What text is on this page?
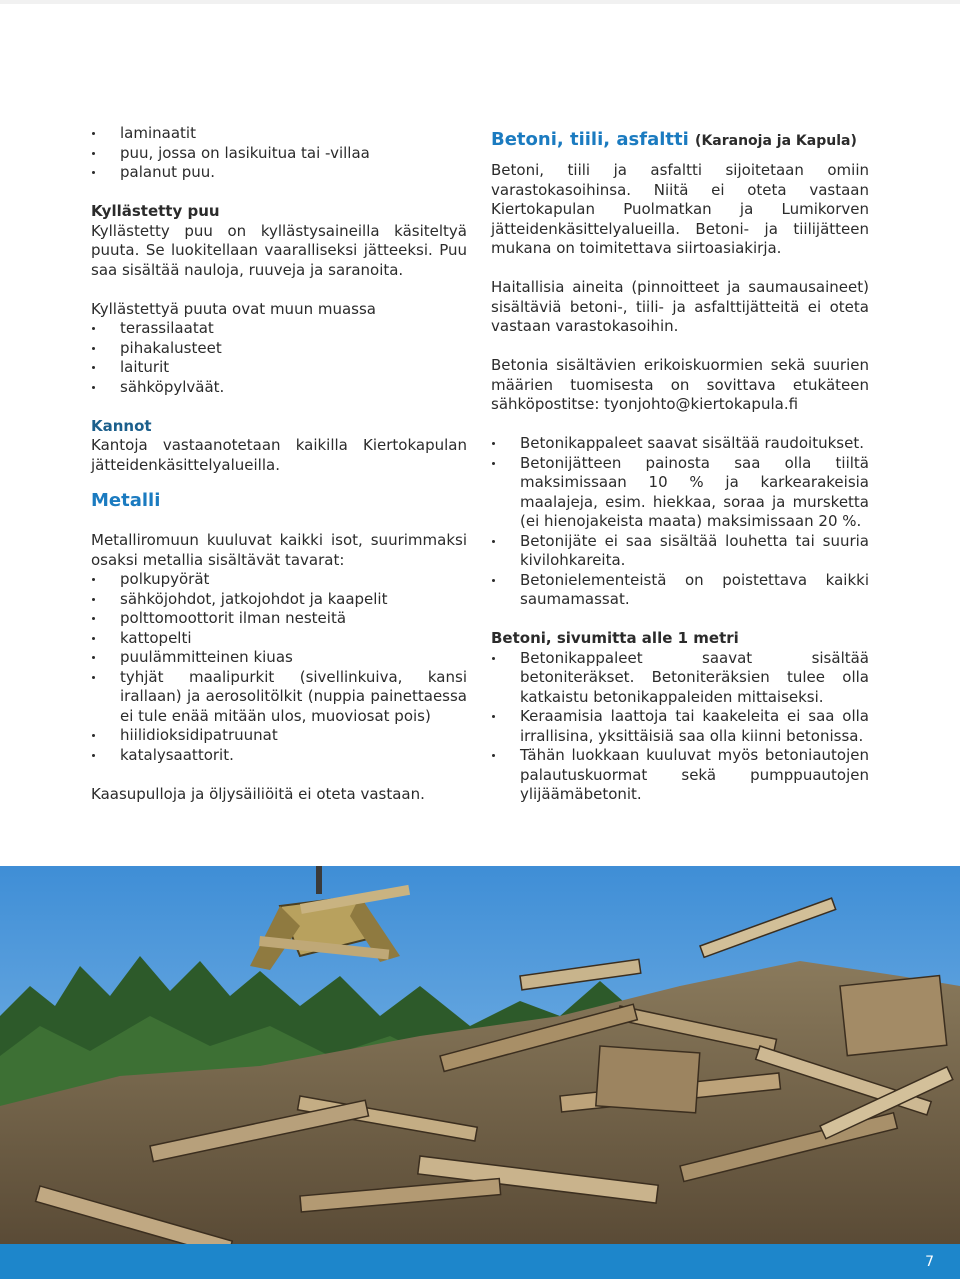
laminaatit
puu, jossa on lasikuitua tai -villaa
palanut puu.

Kyllästetty puu

Kyllästetty puu on kyllästysaineilla käsiteltyä puuta. Se luokitellaan vaaralliseksi jätteeksi. Puu saa sisältää nauloja, ruuveja ja saranoita.

Kyllästettyä puuta ovat muun muassa

terassilaatat
pihakalusteet
laiturit
sähköpylväät.

Kannot

Kantoja vastaanotetaan kaikilla Kiertokapulan jätteidenkäsittelyalueilla.

Metalli

Metalliromuun kuuluvat kaikki isot, suurimmaksi osaksi metallia sisältävät tavarat:

polkupyörät
sähköjohdot, jatkojohdot ja kaapelit
polttomoottorit ilman nesteitä
kattopelti
puulämmitteinen kiuas
tyhjät maalipurkit (sivellinkuiva, kansi irallaan) ja aerosolitölkit (nuppia painettaessa ei tule enää mitään ulos, muoviosat pois)
hiilidioksidipatruunat
katalysaattorit.

Kaasupulloja ja öljysäiliöitä ei oteta vastaan.

Betoni, tiili, asfaltti (Karanoja ja Kapula)

Betoni, tiili ja asfaltti sijoitetaan omiin varastokasoihinsa. Niitä ei oteta vastaan Kiertokapulan Puolmatkan ja Lumikorven jätteidenkäsittelyalueilla. Betoni- ja tiilijätteen mukana on toimitettava siirtoasiakirja.

Haitallisia aineita (pinnoitteet ja saumausaineet) sisältäviä betoni-, tiili- ja asfalttijätteitä ei oteta vastaan varastokasoihin.

Betonia sisältävien erikoiskuormien sekä suurien määrien tuomisesta on sovittava etukäteen sähköpostitse: tyonjohto@kiertokapula.fi

Betonikappaleet saavat sisältää raudoitukset.
Betonijätteen painosta saa olla tiiltä maksimissaan 10 % ja karkearakeisia maalajeja, esim. hiekkaa, soraa ja mursketta (ei hienojakeista maata) maksimissaan 20 %.
Betonijäte ei saa sisältää louhetta tai suuria kivilohkareita.
Betonielementeistä on poistettava kaikki saumamassat.

Betoni, sivumitta alle 1 metri

Betonikappaleet saavat sisältää betoniteräkset. Betoniteräksien tulee olla katkaistu betonikappaleiden mittaiseksi.
Keraamisia laattoja tai kaakeleita ei saa olla irrallisina, yksittäisiä saa olla kiinni betonissa.
Tähän luokkaan kuuluvat myös betoniautojen palautuskuormat sekä pumppuautojen ylijäämäbetonit.
7
